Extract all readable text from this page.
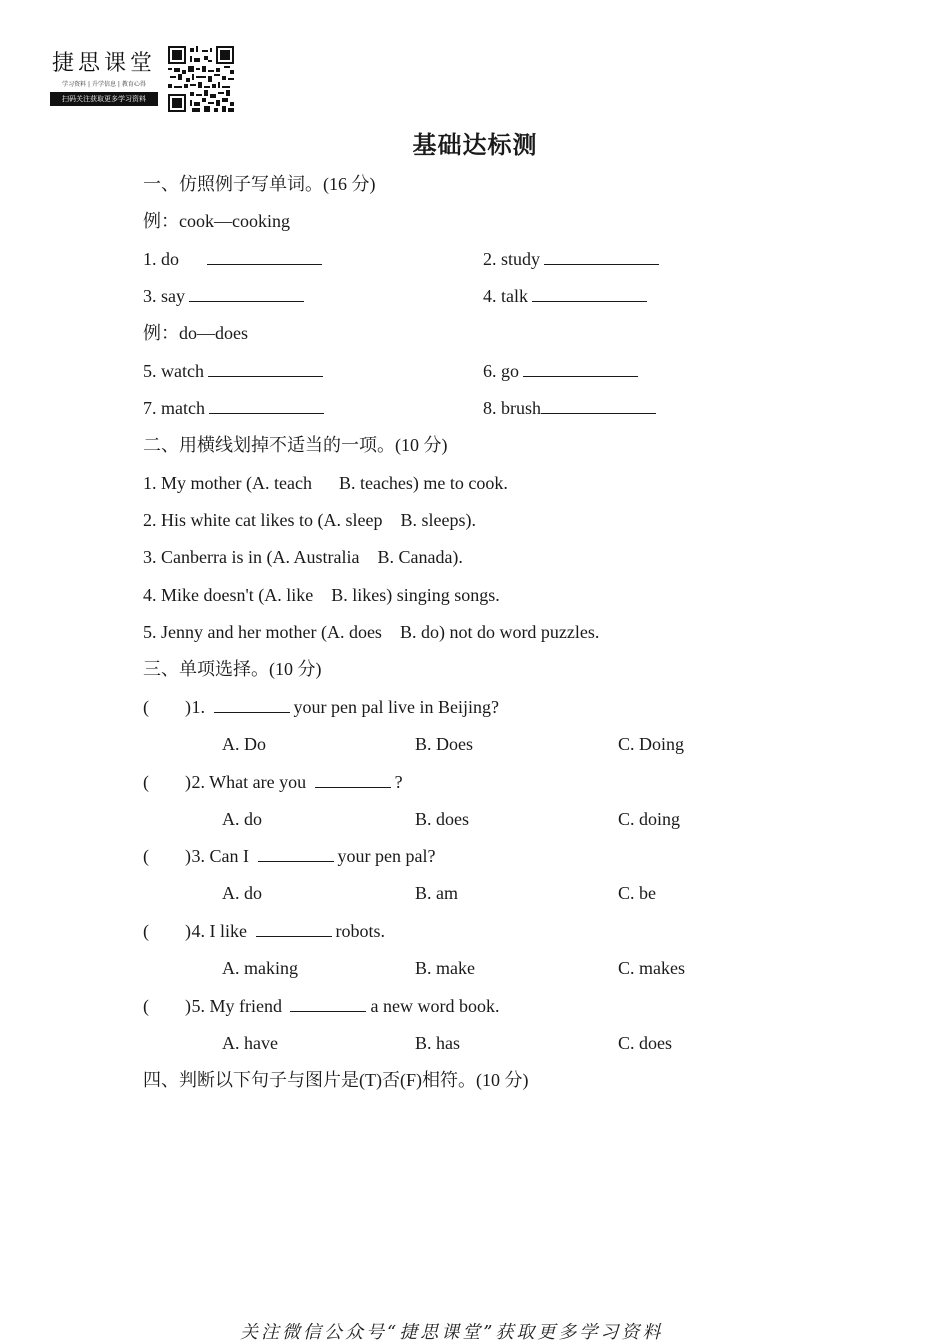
捷思课堂
学习资料 | 升学信息 | 教育心得
扫码关注获取更多学习资料
基础达标测
一、仿照例子写单词。(16 分)
例：cook—cooking
1. do	2. study
3. say	4. talk
例：do—does
5. watch	6. go
7. match	8. brush
二、用横线划掉不适当的一项。(10 分)
1. My mother (A. teach      B. teaches) me to cook.
2. His white cat likes to (A. sleep    B. sleeps).
3. Canberra is in (A. Australia    B. Canada).
4. Mike doesn't (A. like    B. likes) singing songs.
5. Jenny and her mother (A. does    B. do) not do word puzzles.
三、单项选择。(10 分)
(        ) 1.	your pen pal live in Beijing?
A. Do	B. Does	C. Doing
(        ) 2. What are you	?
A. do	B. does	C. doing
(        ) 3. Can I	your pen pal?
A. do	B. am	C. be
(        ) 4. I like	robots.
A. making	B. make	C. makes
(        ) 5. My friend	a new word book.
A. have	B. has	C. does
四、判断以下句子与图片是(T)否(F)相符。(10 分)
关注微信公众号“捷思课堂”获取更多学习资料
